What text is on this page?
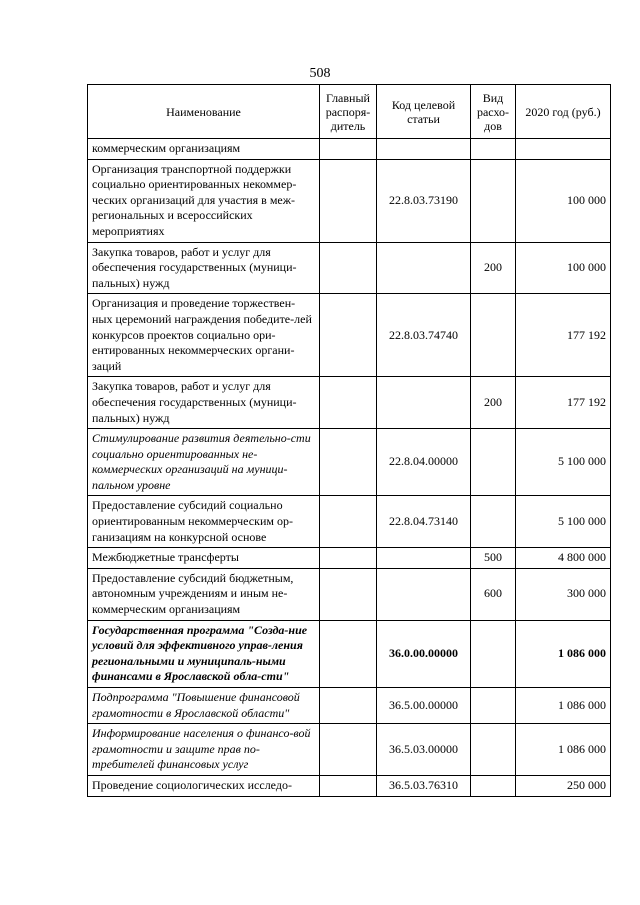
508
Наименование	Главный распоря-дитель	Код целевой статьи	Вид расхо-дов	2020 год (руб.)
коммерческим организациям				
Организация транспортной поддержки социально ориентированных некоммер-ческих организаций для участия в меж-региональных и всероссийских мероприятиях		22.8.03.73190		100 000
Закупка товаров, работ и услуг для обеспечения государственных (муници-пальных) нужд			200	100 000
Организация и проведение торжествен-ных церемоний награждения победите-лей конкурсов проектов социально ори-ентированных некоммерческих органи-заций		22.8.03.74740		177 192
Закупка товаров, работ и услуг для обеспечения государственных (муници-пальных) нужд			200	177 192
Стимулирование развития деятельно-сти социально ориентированных не-коммерческих организаций на муници-пальном уровне		22.8.04.00000		5 100 000
Предоставление субсидий социально ориентированным некоммерческим ор-ганизациям на конкурсной основе		22.8.04.73140		5 100 000
Межбюджетные трансферты			500	4 800 000
Предоставление субсидий бюджетным, автономным учреждениям и иным не-коммерческим организациям			600	300 000
Государственная программа "Созда-ние условий для эффективного управ-ления региональными и муниципаль-ными финансами в Ярославской обла-сти"		36.0.00.00000		1 086 000
Подпрограмма "Повышение финансовой грамотности в Ярославской области"		36.5.00.00000		1 086 000
Информирование населения о финансо-вой грамотности и защите прав по-требителей финансовых услуг		36.5.03.00000		1 086 000
Проведение социологических исследо-		36.5.03.76310		250 000
